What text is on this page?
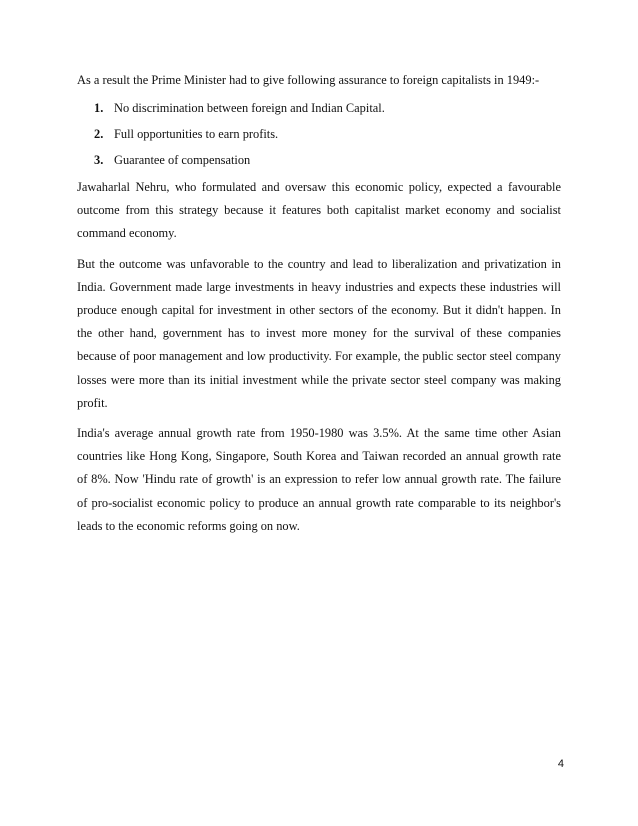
As a result the Prime Minister had to give following assurance to foreign capitalists in 1949:-

1. No discrimination between foreign and Indian Capital.
2. Full opportunities to earn profits.
3. Guarantee of compensation

Jawaharlal Nehru, who formulated and oversaw this economic policy, expected a favourable outcome from this strategy because it features both capitalist market economy and socialist command economy.

But the outcome was unfavorable to the country and lead to liberalization and privatization in India. Government made large investments in heavy industries and expects these industries will produce enough capital for investment in other sectors of the economy. But it didn't happen. In the other hand, government has to invest more money for the survival of these companies because of poor management and low productivity. For example, the public sector steel company losses were more than its initial investment while the private sector steel company was making profit.

India's average annual growth rate from 1950-1980 was 3.5%. At the same time other Asian countries like Hong Kong, Singapore, South Korea and Taiwan recorded an annual growth rate of 8%. Now 'Hindu rate of growth' is an expression to refer low annual growth rate. The failure of pro-socialist economic policy to produce an annual growth rate comparable to its neighbor's leads to the economic reforms going on now.

4
